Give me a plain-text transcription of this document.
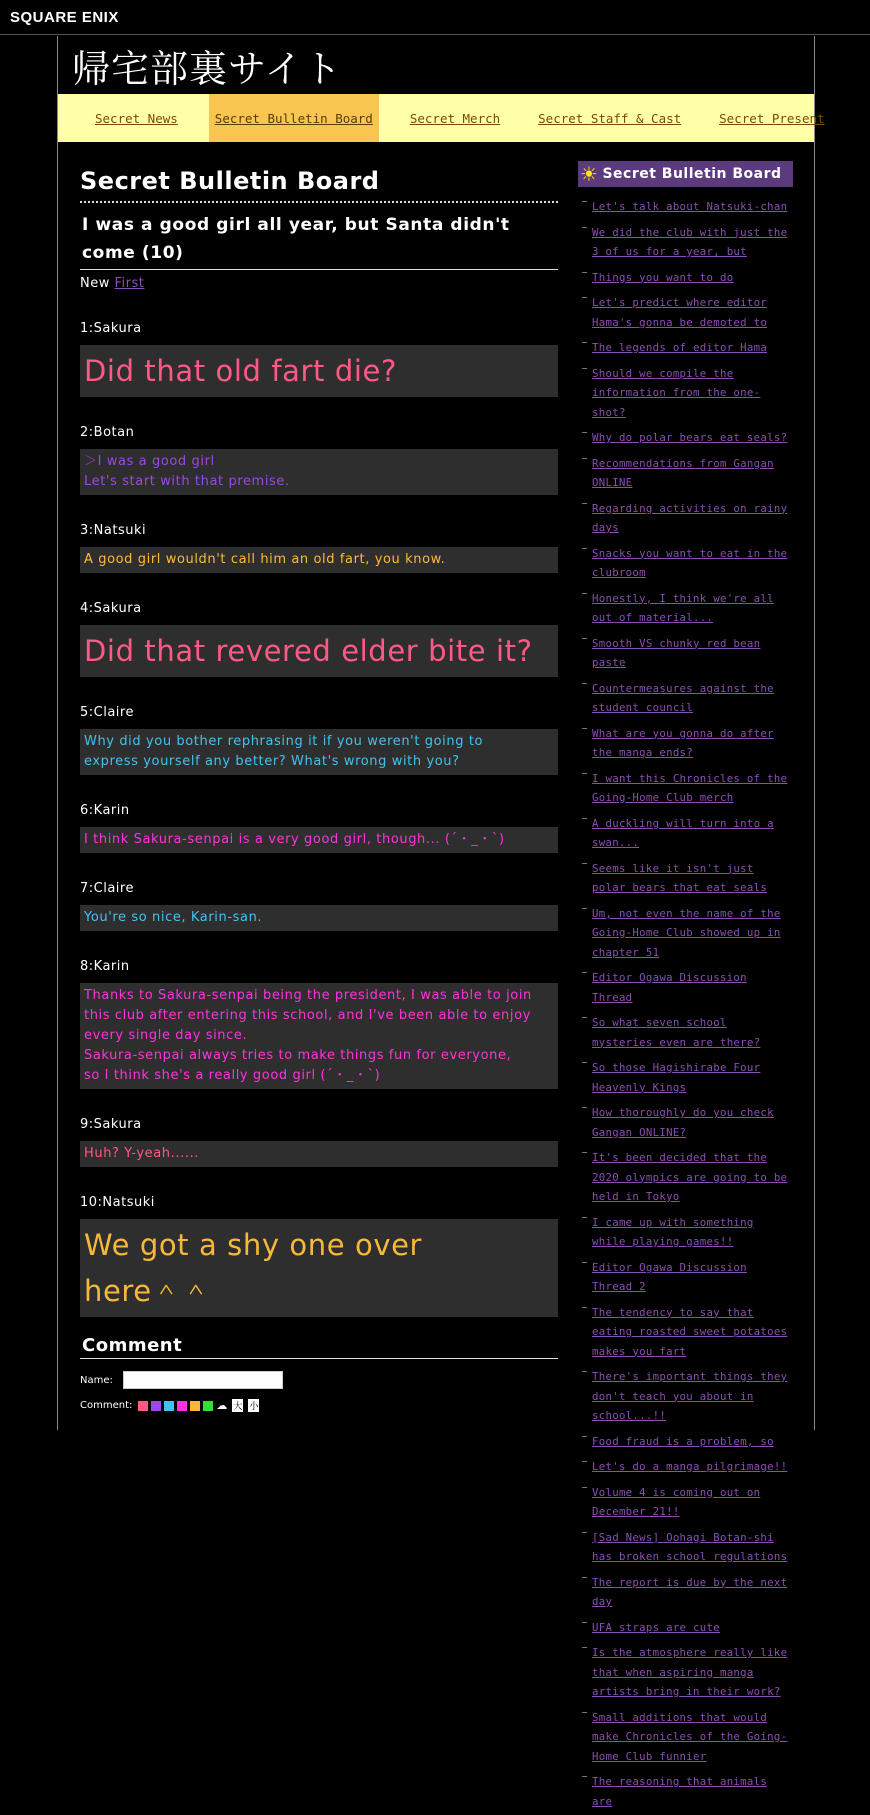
SQUARE ENIX
帰宅部裏サイト
Secret News	Secret Bulletin Board	Secret Merch	Secret Staff & Cast	Secret Present
Secret Bulletin Board
I was a good girl all year, but Santa didn't come (10)
New First
1:Sakura
Did that old fart die?
2:Botan
＞I was a good girl
Let's start with that premise.
3:Natsuki
A good girl wouldn't call him an old fart, you know.
4:Sakura
Did that revered elder bite it?
5:Claire
Why did you bother rephrasing it if you weren't going to
express yourself any better? What's wrong with you?
6:Karin
I think Sakura-senpai is a very good girl, though... (´・_・`)
7:Claire
You're so nice, Karin-san.
8:Karin
Thanks to Sakura-senpai being the president, I was able to join
this club after entering this school, and I've been able to enjoy
every single day since.
Sakura-senpai always tries to make things fun for everyone,
so I think she's a really good girl (´・_・`)
9:Sakura
Huh? Y-yeah......
10:Natsuki
We got a shy one over
here＾＾
Comment
Name:
Comment:	☁ 大 小
☀ Secret Bulletin Board
Let's talk about Natsuki-chan
We did the club with just the 3 of us for a year, but
Things you want to do
Let's predict where editor Hama's gonna be demoted to
The legends of editor Hama
Should we compile the information from the one-shot?
Why do polar bears eat seals?
Recommendations from Gangan ONLINE
Regarding activities on rainy days
Snacks you want to eat in the clubroom
Honestly, I think we're all out of material...
Smooth VS chunky red bean paste
Countermeasures against the student council
What are you gonna do after the manga ends?
I want this Chronicles of the Going-Home Club merch
A duckling will turn into a swan...
Seems like it isn't just polar bears that eat seals
Um, not even the name of the Going-Home Club showed up in chapter 51
Editor Ogawa Discussion Thread
So what seven school mysteries even are there?
So those Hagishirabe Four Heavenly Kings
How thoroughly do you check Gangan ONLINE?
It's been decided that the 2020 olympics are going to be held in Tokyo
I came up with something while playing games!!
Editor Ogawa Discussion Thread 2
The tendency to say that eating roasted sweet potatoes makes you fart
There's important things they don't teach you about in school...!!
Food fraud is a problem, so
Let's do a manga pilgrimage!!
Volume 4 is coming out on December 21!!
[Sad News] Oohagi Botan-shi has broken school regulations
The report is due by the next day
UFA straps are cute
Is the atmosphere really like that when aspiring manga artists bring in their work?
Small additions that would make Chronicles of the Going-Home Club funnier
The reasoning that animals are
